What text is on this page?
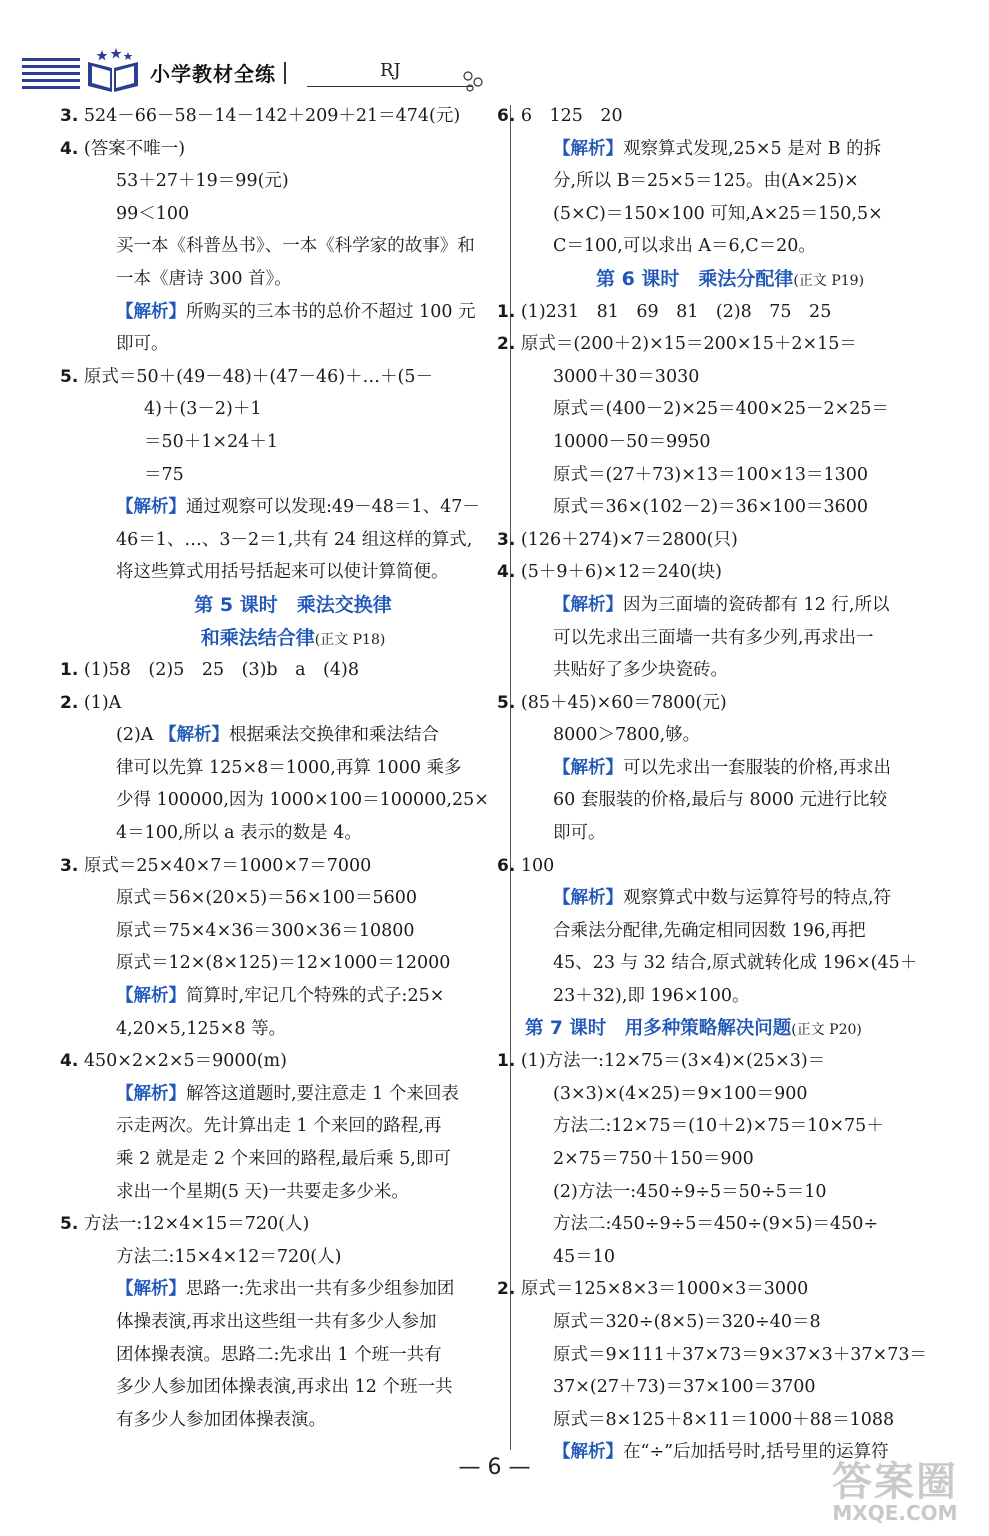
小学教材全练	RJ
3. 524－66－58－14－142＋209＋21＝474(元)
4. (答案不唯一)
53＋27＋19＝99(元)
99＜100
买一本《科普丛书》、一本《科学家的故事》和
一本《唐诗 300 首》。
【解析】所购买的三本书的总价不超过 100 元
即可。
5. 原式＝50＋(49－48)＋(47－46)＋…＋(5－
4)＋(3－2)＋1
＝50＋1×24＋1
＝75
【解析】通过观察可以发现:49－48＝1、47－
46＝1、…、3－2＝1,共有 24 组这样的算式,
将这些算式用括号括起来可以使计算简便。
第 5 课时　乘法交换律
和乘法结合律(正文 P18)
1. (1)58　(2)5　25　(3)b　a　(4)8
2. (1)A
(2)A 【解析】根据乘法交换律和乘法结合
律可以先算 125×8＝1000,再算 1000 乘多
少得 100000,因为 1000×100＝100000,25×
4＝100,所以 a 表示的数是 4。
3. 原式＝25×40×7＝1000×7＝7000
原式＝56×(20×5)＝56×100＝5600
原式＝75×4×36＝300×36＝10800
原式＝12×(8×125)＝12×1000＝12000
【解析】简算时,牢记几个特殊的式子:25×
4,20×5,125×8 等。
4. 450×2×2×5＝9000(m)
【解析】解答这道题时,要注意走 1 个来回表
示走两次。先计算出走 1 个来回的路程,再
乘 2 就是走 2 个来回的路程,最后乘 5,即可
求出一个星期(5 天)一共要走多少米。
5. 方法一:12×4×15＝720(人)
方法二:15×4×12＝720(人)
【解析】思路一:先求出一共有多少组参加团
体操表演,再求出这些组一共有多少人参加
团体操表演。思路二:先求出 1 个班一共有
多少人参加团体操表演,再求出 12 个班一共
有多少人参加团体操表演。
6. 6　125　20
【解析】观察算式发现,25×5 是对 B 的拆
分,所以 B＝25×5＝125。由(A×25)×
(5×C)＝150×100 可知,A×25＝150,5×
C＝100,可以求出 A＝6,C＝20。
第 6 课时　乘法分配律(正文 P19)
1. (1)231　81　69　81　(2)8　75　25
2. 原式＝(200＋2)×15＝200×15＋2×15＝
3000＋30＝3030
原式＝(400－2)×25＝400×25－2×25＝
10000－50＝9950
原式＝(27＋73)×13＝100×13＝1300
原式＝36×(102－2)＝36×100＝3600
3. (126＋274)×7＝2800(只)
4. (5＋9＋6)×12＝240(块)
【解析】因为三面墙的瓷砖都有 12 行,所以
可以先求出三面墙一共有多少列,再求出一
共贴好了多少块瓷砖。
5. (85＋45)×60＝7800(元)
8000＞7800,够。
【解析】可以先求出一套服装的价格,再求出
60 套服装的价格,最后与 8000 元进行比较
即可。
6. 100
【解析】观察算式中数与运算符号的特点,符
合乘法分配律,先确定相同因数 196,再把
45、23 与 32 结合,原式就转化成 196×(45＋
23＋32),即 196×100。
第 7 课时　用多种策略解决问题(正文 P20)
1. (1)方法一:12×75＝(3×4)×(25×3)＝
(3×3)×(4×25)＝9×100＝900
方法二:12×75＝(10＋2)×75＝10×75＋
2×75＝750＋150＝900
(2)方法一:450÷9÷5＝50÷5＝10
方法二:450÷9÷5＝450÷(9×5)＝450÷
45＝10
2. 原式＝125×8×3＝1000×3＝3000
原式＝320÷(8×5)＝320÷40＝8
原式＝9×111＋37×73＝9×37×3＋37×73＝
37×(27＋73)＝37×100＝3700
原式＝8×125＋8×11＝1000＋88＝1088
【解析】在“÷”后加括号时,括号里的运算符
— 6 —	答案圈
MXQE.COM
